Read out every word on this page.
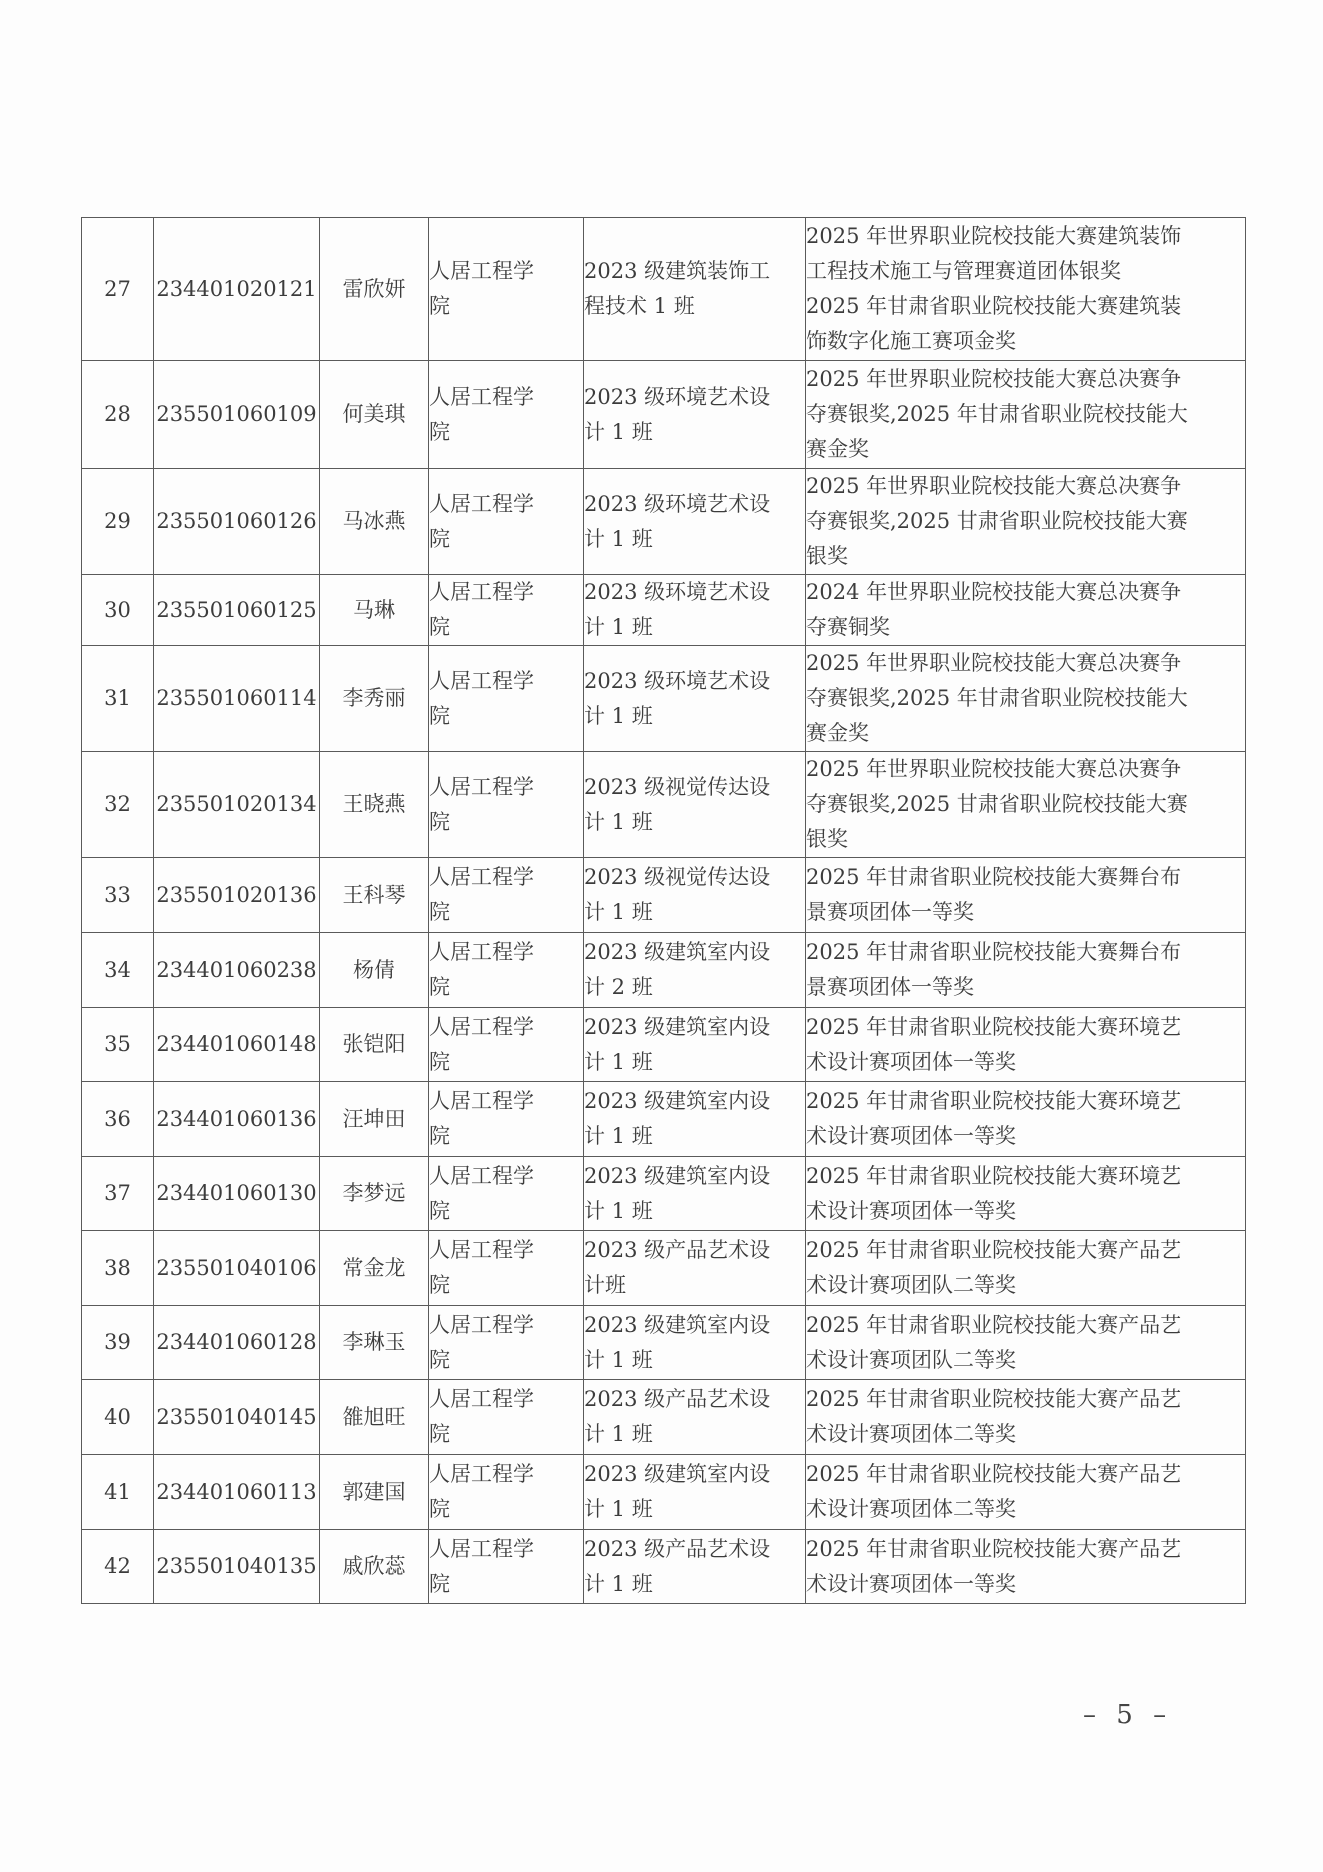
27	234401020121	雷欣妍	人居工程学
院	2023 级建筑装饰工
程技术 1 班	2025 年世界职业院校技能大赛建筑装饰
工程技术施工与管理赛道团体银奖
2025 年甘肃省职业院校技能大赛建筑装
饰数字化施工赛项金奖

28	235501060109	何美琪	人居工程学
院	2023 级环境艺术设
计 1 班	2025 年世界职业院校技能大赛总决赛争
夺赛银奖,2025 年甘肃省职业院校技能大
赛金奖

29	235501060126	马冰燕	人居工程学
院	2023 级环境艺术设
计 1 班	2025 年世界职业院校技能大赛总决赛争
夺赛银奖,2025 甘肃省职业院校技能大赛
银奖

30	235501060125	马琳	人居工程学
院	2023 级环境艺术设
计 1 班	2024 年世界职业院校技能大赛总决赛争
夺赛铜奖

31	235501060114	李秀丽	人居工程学
院	2023 级环境艺术设
计 1 班	2025 年世界职业院校技能大赛总决赛争
夺赛银奖,2025 年甘肃省职业院校技能大
赛金奖

32	235501020134	王晓燕	人居工程学
院	2023 级视觉传达设
计 1 班	2025 年世界职业院校技能大赛总决赛争
夺赛银奖,2025 甘肃省职业院校技能大赛
银奖

33	235501020136	王科琴	人居工程学
院	2023 级视觉传达设
计 1 班	2025 年甘肃省职业院校技能大赛舞台布
景赛项团体一等奖

34	234401060238	杨倩	人居工程学
院	2023 级建筑室内设
计 2 班	2025 年甘肃省职业院校技能大赛舞台布
景赛项团体一等奖

35	234401060148	张铠阳	人居工程学
院	2023 级建筑室内设
计 1 班	2025 年甘肃省职业院校技能大赛环境艺
术设计赛项团体一等奖

36	234401060136	汪坤田	人居工程学
院	2023 级建筑室内设
计 1 班	2025 年甘肃省职业院校技能大赛环境艺
术设计赛项团体一等奖

37	234401060130	李梦远	人居工程学
院	2023 级建筑室内设
计 1 班	2025 年甘肃省职业院校技能大赛环境艺
术设计赛项团体一等奖

38	235501040106	常金龙	人居工程学
院	2023 级产品艺术设
计班	2025 年甘肃省职业院校技能大赛产品艺
术设计赛项团队二等奖

39	234401060128	李琳玉	人居工程学
院	2023 级建筑室内设
计 1 班	2025 年甘肃省职业院校技能大赛产品艺
术设计赛项团队二等奖

40	235501040145	雒旭旺	人居工程学
院	2023 级产品艺术设
计 1 班	2025 年甘肃省职业院校技能大赛产品艺
术设计赛项团体二等奖

41	234401060113	郭建国	人居工程学
院	2023 级建筑室内设
计 1 班	2025 年甘肃省职业院校技能大赛产品艺
术设计赛项团体二等奖

42	235501040135	戚欣蕊	人居工程学
院	2023 级产品艺术设
计 1 班	2025 年甘肃省职业院校技能大赛产品艺
术设计赛项团体一等奖
– 5 –
